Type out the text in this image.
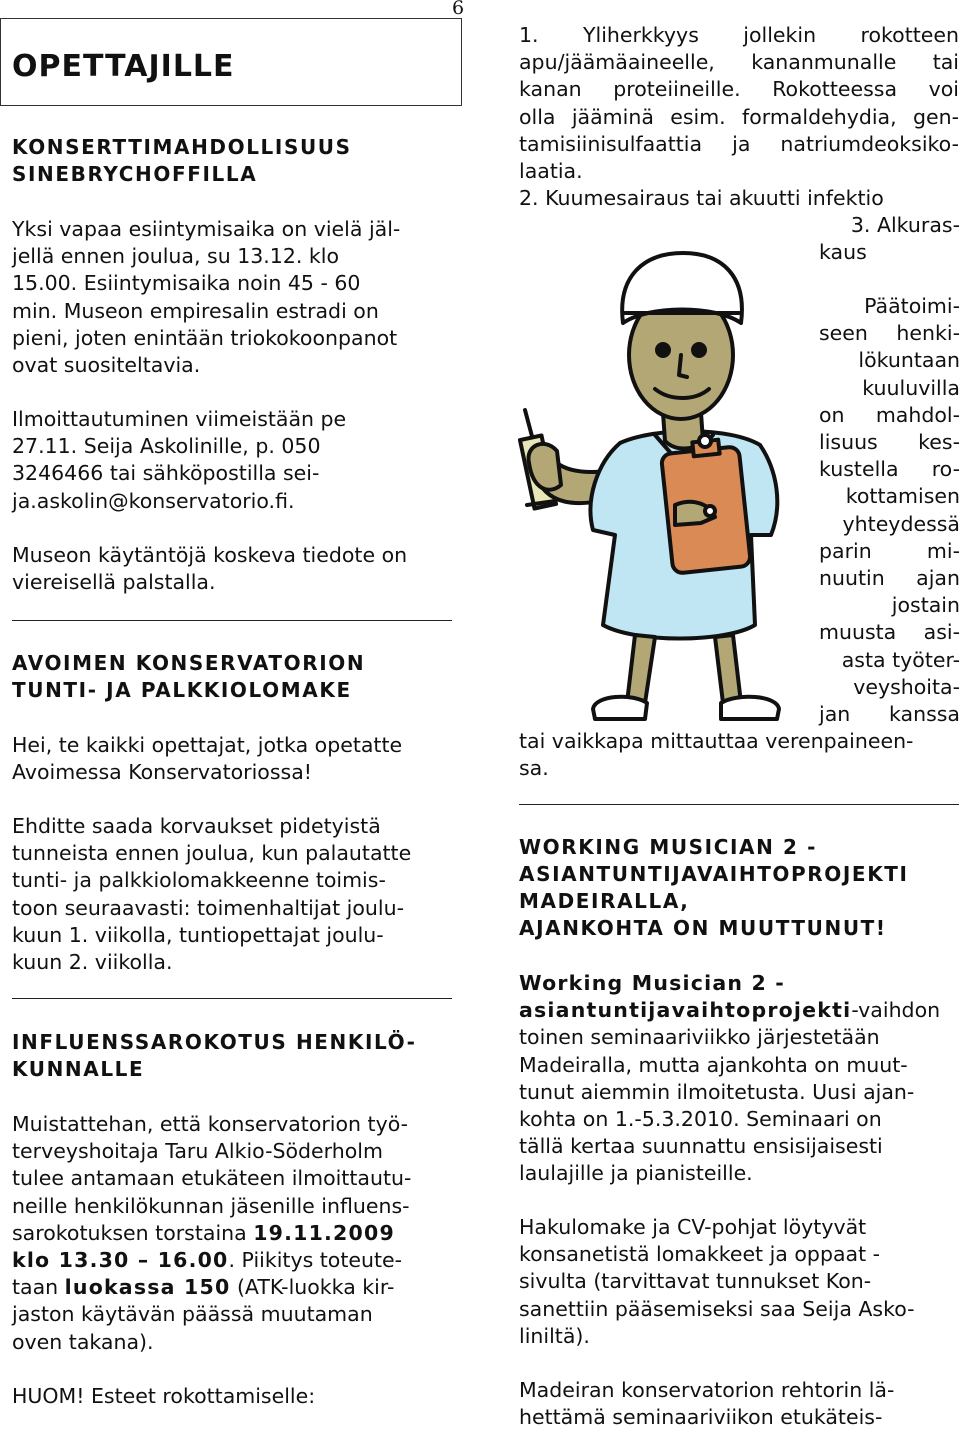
6
OPETTAJILLE
KONSERTTIMAHDOLLISUUS
SINEBRYCHOFFILLA
Yksi vapaa esiintymisaika on vielä jäl-
jellä ennen joulua, su 13.12. klo
15.00. Esiintymisaika noin 45 - 60
min. Museon empiresalin estradi on
pieni, joten enintään triokokoonpanot
ovat suositeltavia.
Ilmoittautuminen viimeistään pe
27.11. Seija Askolinille, p. 050
3246466 tai sähköpostilla sei-
ja.askolin@konservatorio.fi.
Museon käytäntöjä koskeva tiedote on
viereisellä palstalla.
AVOIMEN KONSERVATORION
TUNTI- JA PALKKIOLOMAKE
Hei, te kaikki opettajat, jotka opetatte
Avoimessa Konservatoriossa!
Ehditte saada korvaukset pidetyistä
tunneista ennen joulua, kun palautatte
tunti- ja palkkiolomakkeenne toimis-
toon seuraavasti: toimenhaltijat joulu-
kuun 1. viikolla, tuntiopettajat joulu-
kuun 2. viikolla.
INFLUENSSAROKOTUS HENKILÖ-
KUNNALLE
Muistattehan, että konservatorion työ-
terveyshoitaja Taru Alkio-Söderholm
tulee antamaan etukäteen ilmoittautu-
neille henkilökunnan jäsenille influens-
sarokotuksen torstaina 19.11.2009
klo 13.30 – 16.00. Piikitys toteute-
taan luokassa 150 (ATK-luokka kir-
jaston käytävän päässä muutaman
oven takana).
HUOM! Esteet rokottamiselle:
1. Yliherkkyys jollekin rokotteen
apu/jäämäaineelle, kananmunalle tai
kanan proteiineille. Rokotteessa voi
olla jääminä esim. formaldehydia, gen-
tamisiinisulfaattia ja natriumdeoksiko-
laatia.
2. Kuumesairaus tai akuutti infektio
3. Alkuras-
kaus
Päätoimi-
seen henki-
lökuntaan
kuuluvilla
on mahdol-
lisuus kes-
kustella ro-
kottamisen
yhteydessä
parin mi-
nuutin ajan
jostain
muusta asi-
asta työter-
veyshoita-
jan kanssa
tai vaikkapa mittauttaa verenpaineen-
sa.
WORKING MUSICIAN 2 -
ASIANTUNTIJAVAIHTOPROJEKTI
MADEIRALLA,
AJANKOHTA ON MUUTTUNUT!
Working Musician 2 -
asiantuntijavaihtoprojekti-vaihdon
toinen seminaariviikko järjestetään
Madeiralla, mutta ajankohta on muut-
tunut aiemmin ilmoitetusta. Uusi ajan-
kohta on 1.-5.3.2010. Seminaari on
tällä kertaa suunnattu ensisijaisesti
laulajille ja pianisteille.
Hakulomake ja CV-pohjat löytyvät
konsanetistä lomakkeet ja oppaat -
sivulta (tarvittavat tunnukset Kon-
sanettiin pääsemiseksi saa Seija Asko-
liniltä).
Madeiran konservatorion rehtorin lä-
hettämä seminaariviikon etukäteis-
